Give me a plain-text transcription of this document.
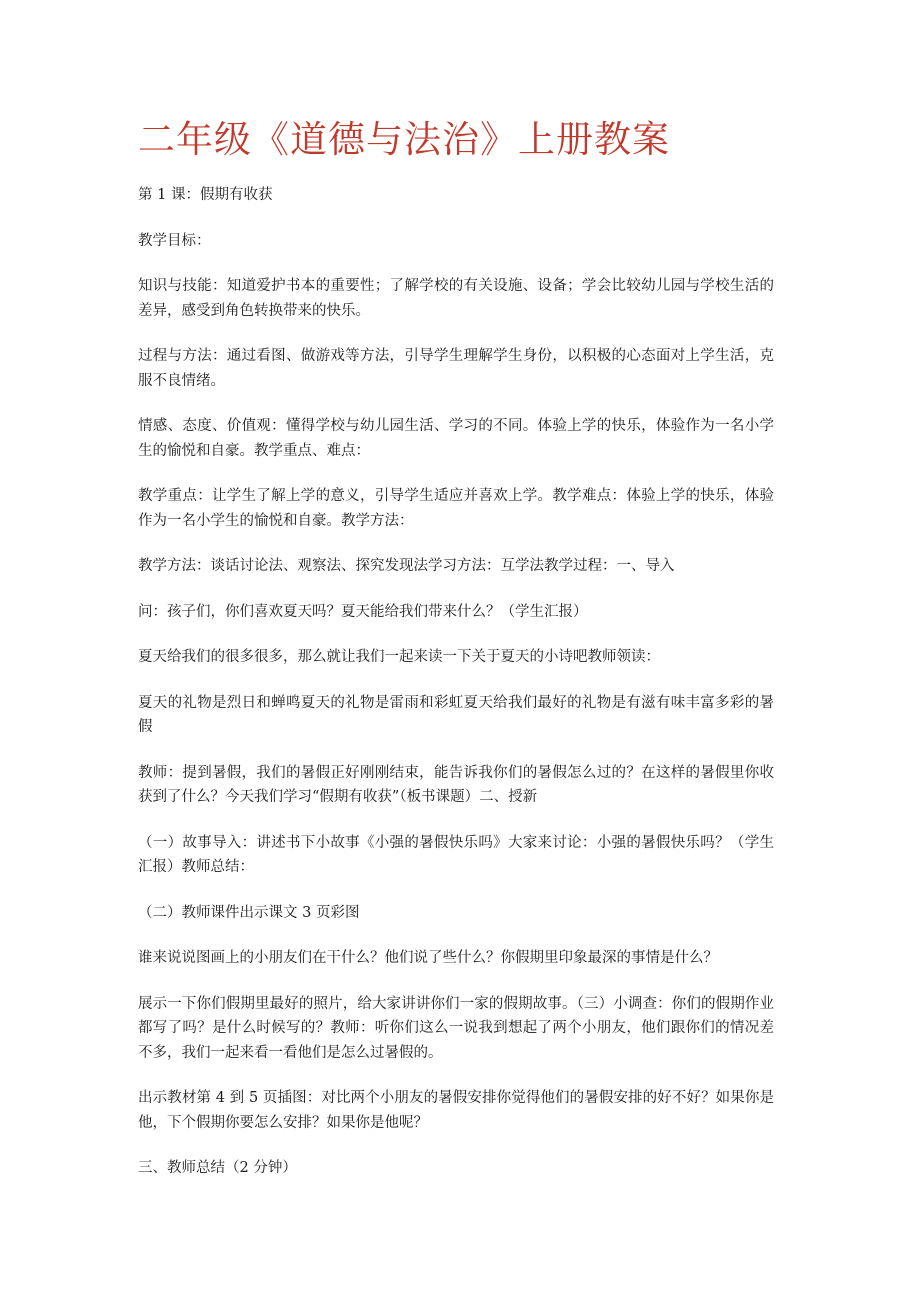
二年级《道德与法治》上册教案

第 1 课：假期有收获

教学目标：

知识与技能：知道爱护书本的重要性；了解学校的有关设施、设备；学会比较幼儿园与学校生活的差异，感受到角色转换带来的快乐。

过程与方法：通过看图、做游戏等方法，引导学生理解学生身份，以积极的心态面对上学生活，克服不良情绪。

情感、态度、价值观：懂得学校与幼儿园生活、学习的不同。体验上学的快乐，体验作为一名小学生的愉悦和自豪。教学重点、难点：

教学重点：让学生了解上学的意义，引导学生适应并喜欢上学。教学难点：体验上学的快乐，体验作为一名小学生的愉悦和自豪。教学方法：

教学方法：谈话讨论法、观察法、探究发现法学习方法：互学法教学过程：一、导入

问：孩子们，你们喜欢夏天吗？夏天能给我们带来什么？（学生汇报）

夏天给我们的很多很多，那么就让我们一起来读一下关于夏天的小诗吧教师领读：

夏天的礼物是烈日和蝉鸣夏天的礼物是雷雨和彩虹夏天给我们最好的礼物是有滋有味丰富多彩的暑假

教师：提到暑假，我们的暑假正好刚刚结束，能告诉我你们的暑假怎么过的？在这样的暑假里你收获到了什么？今天我们学习“假期有收获”（板书课题）二、授新

（一）故事导入：讲述书下小故事《小强的暑假快乐吗》大家来讨论：小强的暑假快乐吗？（学生汇报）教师总结：

（二）教师课件出示课文 3 页彩图

谁来说说图画上的小朋友们在干什么？他们说了些什么？你假期里印象最深的事情是什么？

展示一下你们假期里最好的照片，给大家讲讲你们一家的假期故事。（三）小调查：你们的假期作业都写了吗？是什么时候写的？教师：听你们这么一说我到想起了两个小朋友，他们跟你们的情况差不多，我们一起来看一看他们是怎么过暑假的。

出示教材第 4 到 5 页插图：对比两个小朋友的暑假安排你觉得他们的暑假安排的好不好？如果你是他，下个假期你要怎么安排？如果你是他呢？

三、教师总结（2 分钟）
